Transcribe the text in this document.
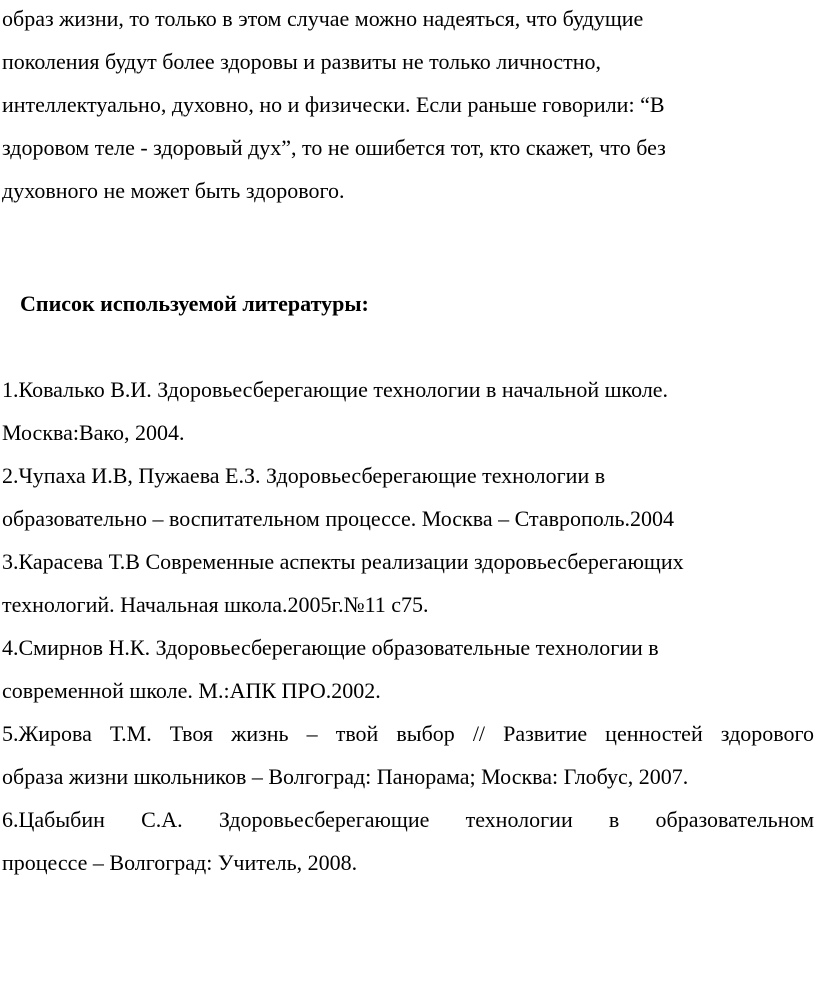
образ жизни, то только в этом случае можно надеяться, что будущие
поколения будут более здоровы и развиты не только личностно,
интеллектуально, духовно, но и физически. Если раньше говорили: “В
здоровом теле - здоровый дух”, то не ошибется тот, кто скажет, что без
духовного не может быть здорового.
Список используемой литературы:
1.Ковалько В.И. Здоровьесберегающие технологии в начальной школе.
Москва:Вако, 2004.
2.Чупаха И.В, Пужаева Е.З. Здоровьесберегающие технологии в
образовательно – воспитательном процессе. Москва – Ставрополь.2004
3.Карасева Т.В Современные аспекты реализации здоровьесберегающих
технологий. Начальная школа.2005г.№11 с75.
4.Смирнов Н.К. Здоровьесберегающие образовательные технологии в
современной школе. М.:АПК ПРО.2002.
5.Жирова Т.М. Твоя жизнь – твой выбор // Развитие ценностей здорового
образа жизни школьников – Волгоград: Панорама; Москва: Глобус, 2007.
6.Цабыбин С.А. Здоровьесберегающие технологии в образовательном
процессе – Волгоград: Учитель, 2008.
